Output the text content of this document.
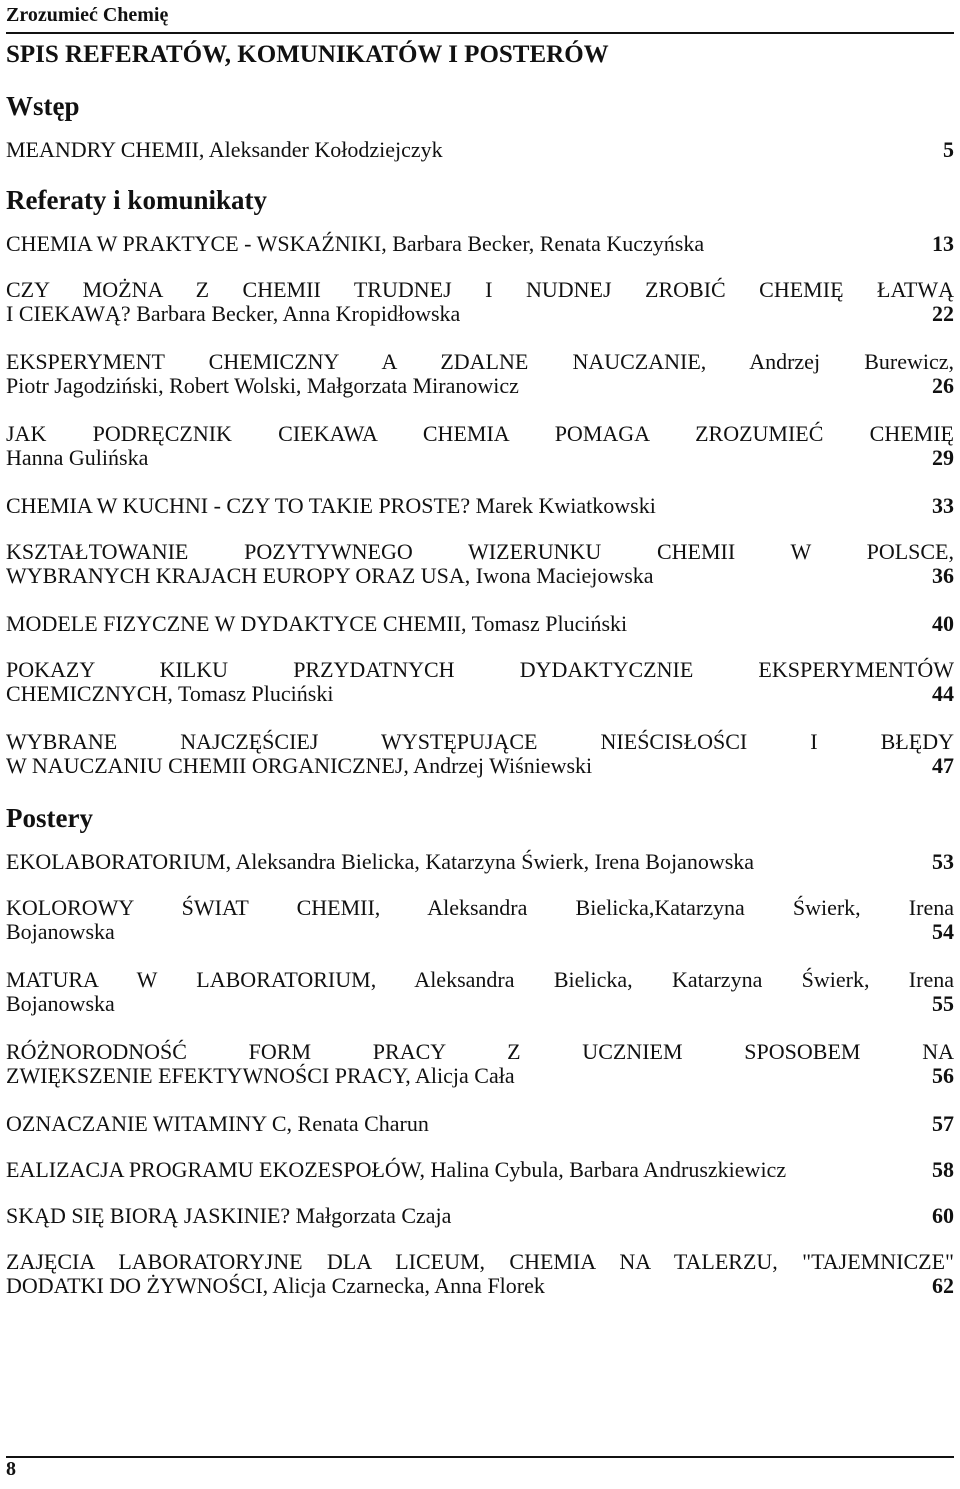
Zrozumieć Chemię
SPIS REFERATÓW, KOMUNIKATÓW I POSTERÓW
Wstęp
MEANDRY CHEMII, Aleksander Kołodziejczyk	5
Referaty i komunikaty
CHEMIA W PRAKTYCE - WSKAŹNIKI, Barbara Becker, Renata Kuczyńska	13
CZY MOŻNA Z CHEMII TRUDNEJ I NUDNEJ ZROBIĆ CHEMIĘ ŁATWĄ
I CIEKAWĄ? Barbara Becker, Anna Kropidłowska	22
EKSPERYMENT CHEMICZNY A ZDALNE NAUCZANIE, Andrzej Burewicz,
Piotr Jagodziński, Robert Wolski, Małgorzata Miranowicz	26
JAK PODRĘCZNIK CIEKAWA CHEMIA POMAGA ZROZUMIEĆ CHEMIĘ
Hanna Gulińska	29
CHEMIA W KUCHNI - CZY TO TAKIE PROSTE? Marek Kwiatkowski	33
KSZTAŁTOWANIE POZYTYWNEGO WIZERUNKU CHEMII W POLSCE,
WYBRANYCH KRAJACH EUROPY ORAZ USA, Iwona Maciejowska	36
MODELE FIZYCZNE W DYDAKTYCE CHEMII, Tomasz Pluciński	40
POKAZY KILKU PRZYDATNYCH DYDAKTYCZNIE EKSPERYMENTÓW
CHEMICZNYCH, Tomasz Pluciński	44
WYBRANE NAJCZĘŚCIEJ WYSTĘPUJĄCE NIEŚCISŁOŚCI I BŁĘDY
W NAUCZANIU CHEMII ORGANICZNEJ, Andrzej Wiśniewski	47
Postery
EKOLABORATORIUM, Aleksandra Bielicka, Katarzyna Świerk, Irena Bojanowska	53
KOLOROWY ŚWIAT CHEMII, Aleksandra Bielicka,Katarzyna Świerk, Irena
Bojanowska	54
MATURA W LABORATORIUM, Aleksandra Bielicka, Katarzyna Świerk, Irena
Bojanowska	55
RÓŻNORODNOŚĆ FORM PRACY Z UCZNIEM SPOSOBEM NA
ZWIĘKSZENIE EFEKTYWNOŚCI PRACY, Alicja Cała	56
OZNACZANIE WITAMINY C, Renata Charun	57
EALIZACJA PROGRAMU EKOZESPOŁÓW, Halina Cybula, Barbara Andruszkiewicz	58
SKĄD SIĘ BIORĄ JASKINIE? Małgorzata Czaja	60
ZAJĘCIA LABORATORYJNE DLA LICEUM, CHEMIA NA TALERZU, "TAJEMNICZE"
DODATKI DO ŻYWNOŚCI, Alicja Czarnecka, Anna Florek	62
8
